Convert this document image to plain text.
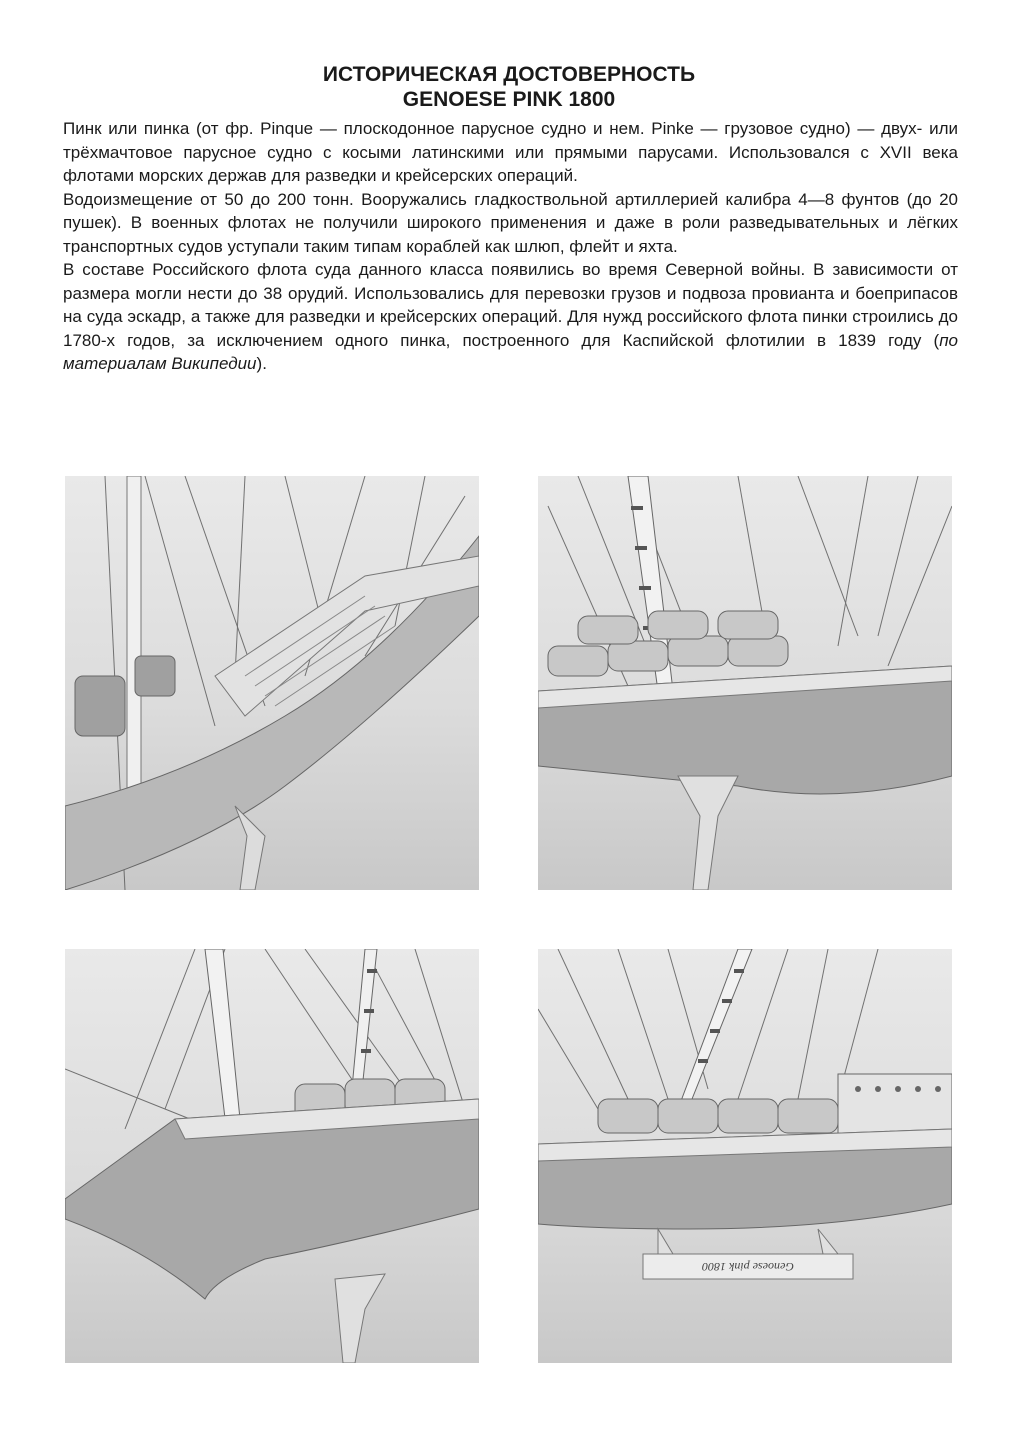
ИСТОРИЧЕСКАЯ ДОСТОВЕРНОСТЬ
GENOESE PINK 1800

Пинк или пинка (от фр. Pinque — плоскодонное парусное судно и нем. Pinke — грузовое судно) — двух- или трёхмачтовое парусное судно с косыми латинскими или прямыми парусами. Использовался с XVII века флотами морских держав для разведки и крейсерских операций.

Водоизмещение от 50 до 200 тонн. Вооружались гладкоствольной артиллерией калибра 4—8 фунтов (до 20 пушек). В военных флотах не получили широкого применения и даже в роли разведывательных и лёгких транспортных судов уступали таким типам кораблей как шлюп, флейт и яхта.

В составе Российского флота суда данного класса появились во время Северной войны. В зависимости от размера могли нести до 38 орудий. Использовались для перевозки грузов и подвоза провианта и боеприпасов на суда эскадр, а также для разведки и крейсерских операций. Для нужд российского флота пинки строились до 1780-х годов, за исключением одного пинка, построенного для Каспийской флотилии в 1839 году (по материалам Википедии).

Genoese pink 1800
